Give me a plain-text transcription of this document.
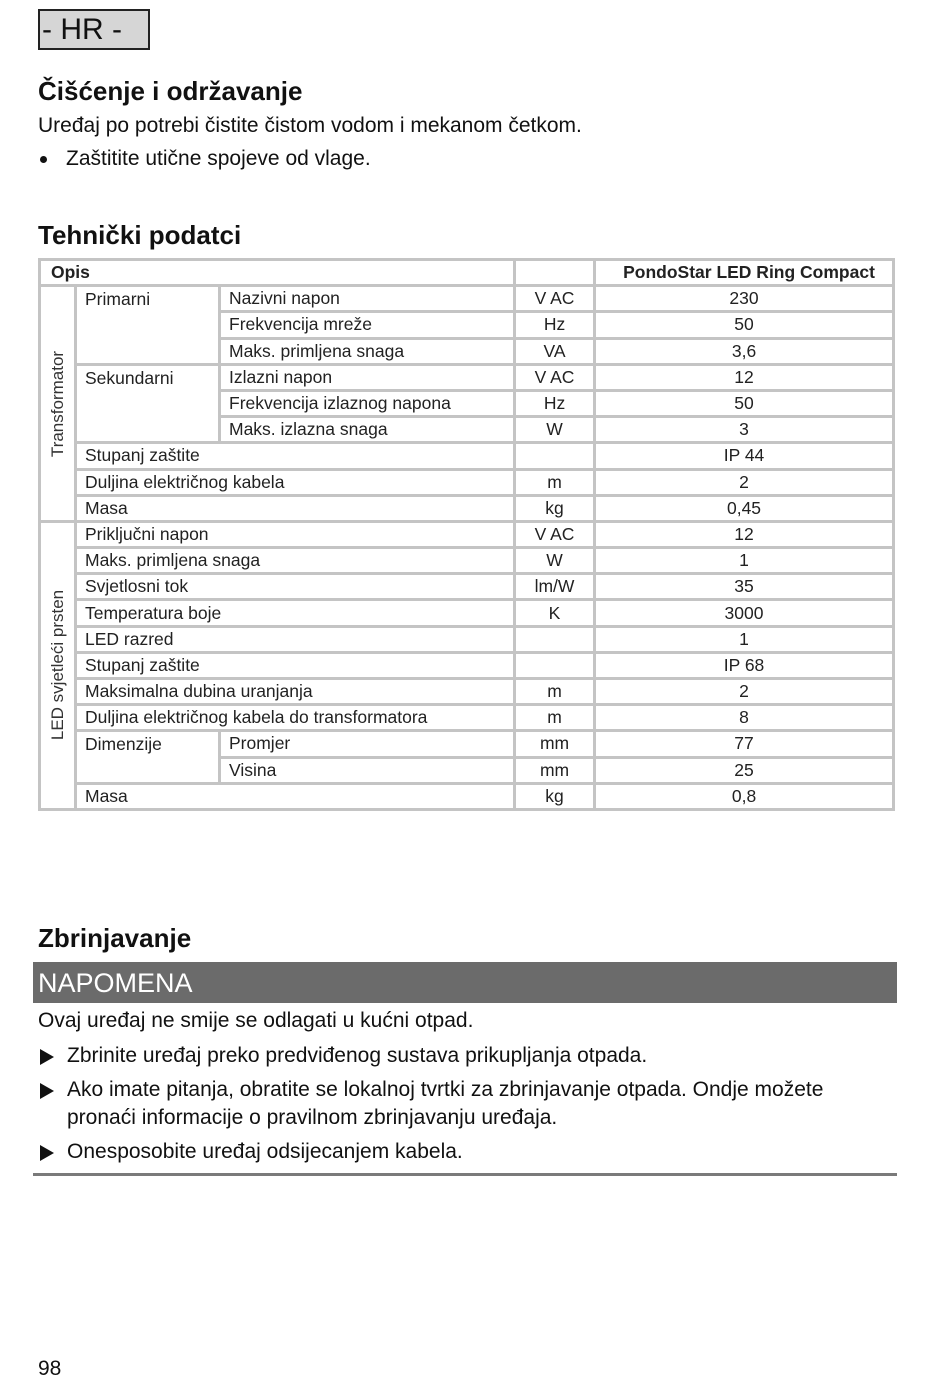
- HR -
Čišćenje i održavanje

Uređaj po potrebi čistite čistom vodom i mekanom četkom.

Zaštitite utične spojeve od vlage.
Tehnički podatci
Opis				PondoStar LED Ring Compact

Transformator	Primarni	Nazivni napon	V AC	230
		Frekvencija mreže	Hz	50
		Maks. primljena snaga	VA	3,6
	Sekundarni	Izlazni napon	V AC	12
		Frekvencija izlaznog napona	Hz	50
		Maks. izlazna snaga	W	3
	Stupanj zaštite			IP 44
	Duljina električnog kabela		m	2
	Masa		kg	0,45

LED svjetleći prsten	Priključni napon		V AC	12
	Maks. primljena snaga		W	1
	Svjetlosni tok		lm/W	35
	Temperatura boje		K	3000
	LED razred			1
	Stupanj zaštite			IP 68
	Maksimalna dubina uranjanja		m	2
	Duljina električnog kabela do transformatora		m	8
	Dimenzije	Promjer	mm	77
		Visina	mm	25
	Masa		kg	0,8
Zbrinjavanje
NAPOMENA

Ovaj uređaj ne smije se odlagati u kućni otpad.

Zbrinite uređaj preko predviđenog sustava prikupljanja otpada.
Ako imate pitanja, obratite se lokalnoj tvrtki za zbrinjavanje otpada. Ondje možete pronaći informacije o pravilnom zbrinjavanju uređaja.
Onesposobite uređaj odsijecanjem kabela.
98
